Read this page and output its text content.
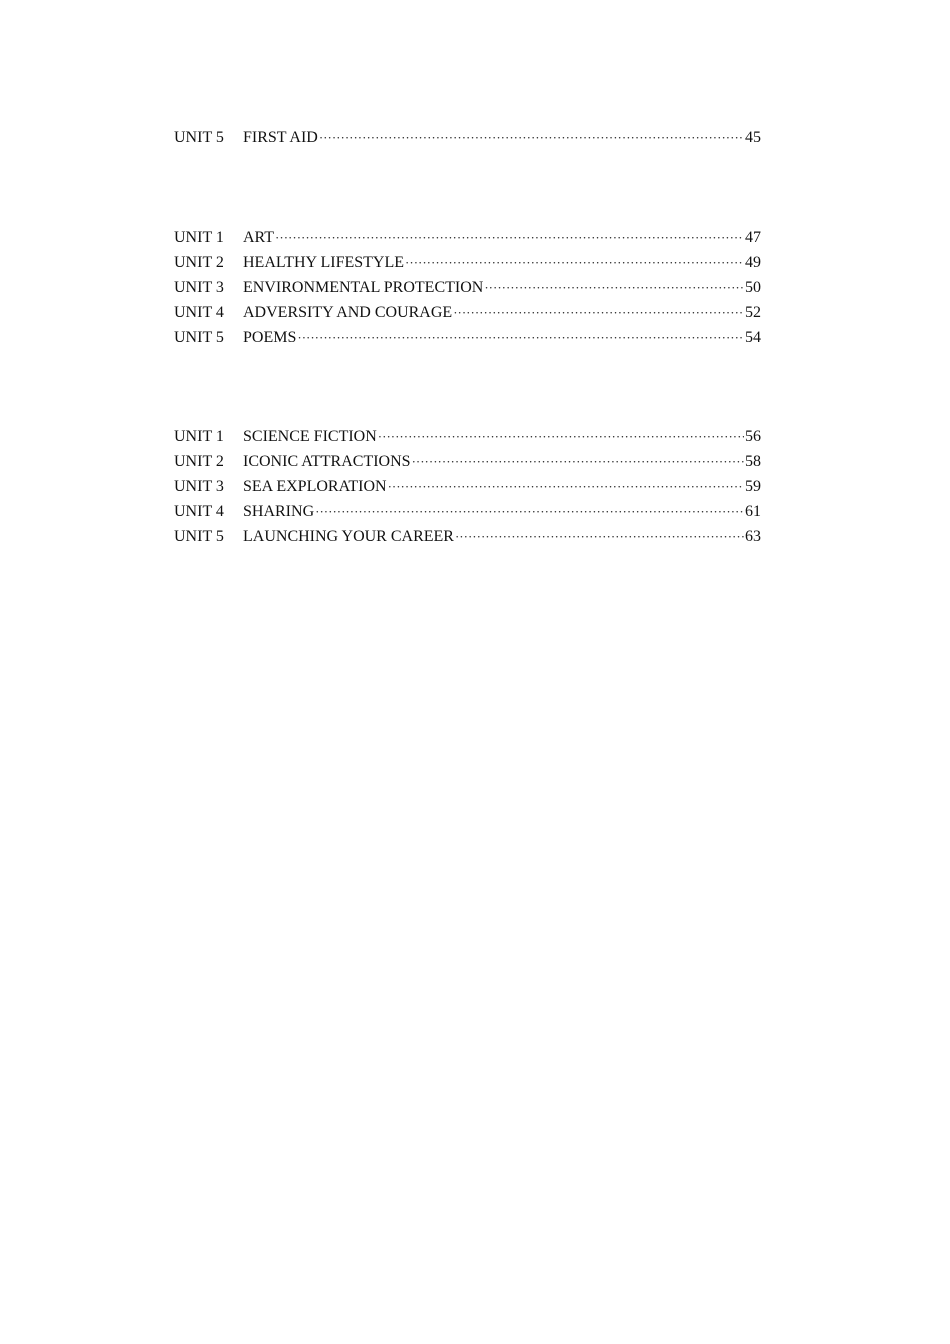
UNIT 5	FIRST AID ·····	45
UNIT 1	ART ·····	47
UNIT 2	HEALTHY LIFESTYLE ·····	49
UNIT 3	ENVIRONMENTAL PROTECTION ·····	50
UNIT 4	ADVERSITY AND COURAGE ·····	52
UNIT 5	POEMS ·····	54
UNIT 1	SCIENCE FICTION ·····	56
UNIT 2	ICONIC ATTRACTIONS ·····	58
UNIT 3	SEA EXPLORATION ·····	59
UNIT 4	SHARING ·····	61
UNIT 5	LAUNCHING YOUR CAREER ·····	63
